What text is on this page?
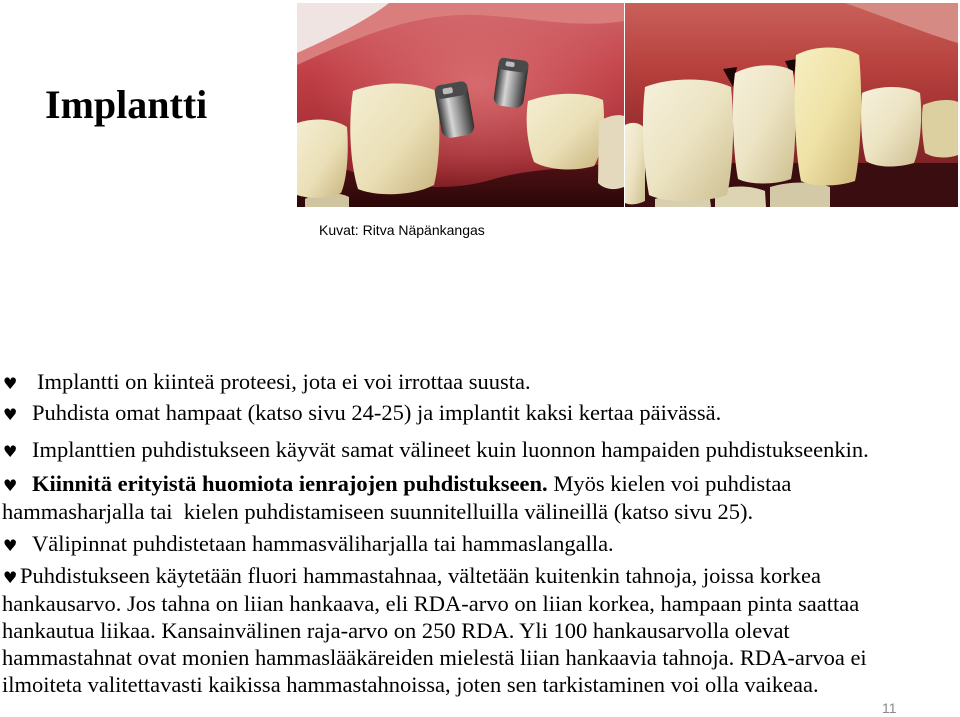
Implantti
Kuvat: Ritva Näpänkangas
♥ Implantti on kiinteä proteesi, jota ei voi irrottaa suusta.
♥ Puhdista omat hampaat (katso sivu 24-25) ja implantit kaksi kertaa päivässä.
♥ Implanttien puhdistukseen käyvät samat välineet kuin luonnon hampaiden puhdistukseenkin.
♥ Kiinnitä erityistä huomiota ienrajojen puhdistukseen. Myös kielen voi puhdistaa
hammasharjalla tai  kielen puhdistamiseen suunnitelluilla välineillä (katso sivu 25).
♥ Välipinnat puhdistetaan hammasväliharjalla tai hammaslangalla.
♥ Puhdistukseen käytetään fluori hammastahnaa, vältetään kuitenkin tahnoja, joissa korkea
hankausarvo. Jos tahna on liian hankaava, eli RDA-arvo on liian korkea, hampaan pinta saattaa
hankautua liikaa. Kansainvälinen raja-arvo on 250 RDA. Yli 100 hankausarvolla olevat
hammastahnat ovat monien hammaslääkäreiden mielestä liian hankaavia tahnoja. RDA-arvoa ei
ilmoiteta valitettavasti kaikissa hammastahnoissa, joten sen tarkistaminen voi olla vaikeaa.
11
